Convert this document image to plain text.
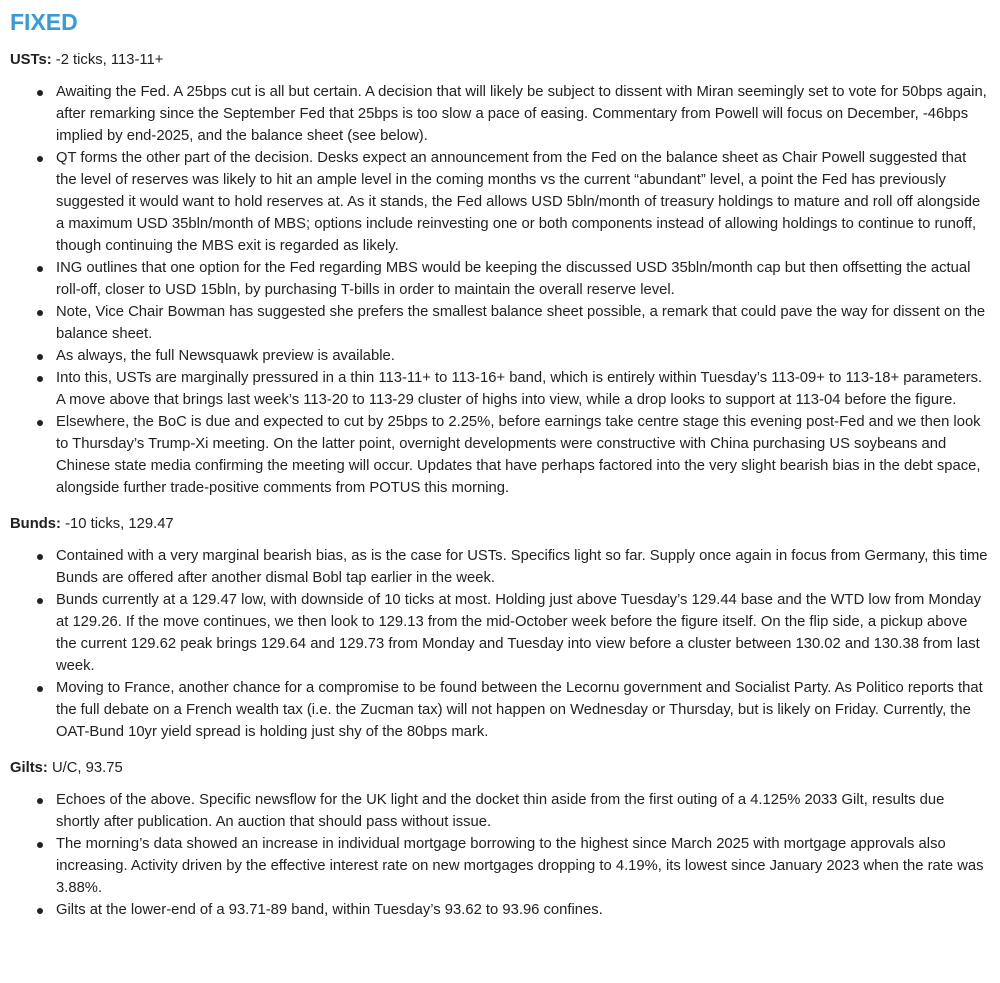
FIXED
USTs: -2 ticks, 113-11+
Awaiting the Fed. A 25bps cut is all but certain. A decision that will likely be subject to dissent with Miran seemingly set to vote for 50bps again, after remarking since the September Fed that 25bps is too slow a pace of easing. Commentary from Powell will focus on December, -46bps implied by end-2025, and the balance sheet (see below).
QT forms the other part of the decision. Desks expect an announcement from the Fed on the balance sheet as Chair Powell suggested that the level of reserves was likely to hit an ample level in the coming months vs the current “abundant” level, a point the Fed has previously suggested it would want to hold reserves at. As it stands, the Fed allows USD 5bln/month of treasury holdings to mature and roll off alongside a maximum USD 35bln/month of MBS; options include reinvesting one or both components instead of allowing holdings to continue to runoff, though continuing the MBS exit is regarded as likely.
ING outlines that one option for the Fed regarding MBS would be keeping the discussed USD 35bln/month cap but then offsetting the actual roll-off, closer to USD 15bln, by purchasing T-bills in order to maintain the overall reserve level.
Note, Vice Chair Bowman has suggested she prefers the smallest balance sheet possible, a remark that could pave the way for dissent on the balance sheet.
As always, the full Newsquawk preview is available.
Into this, USTs are marginally pressured in a thin 113-11+ to 113-16+ band, which is entirely within Tuesday’s 113-09+ to 113-18+ parameters. A move above that brings last week’s 113-20 to 113-29 cluster of highs into view, while a drop looks to support at 113-04 before the figure.
Elsewhere, the BoC is due and expected to cut by 25bps to 2.25%, before earnings take centre stage this evening post-Fed and we then look to Thursday’s Trump-Xi meeting. On the latter point, overnight developments were constructive with China purchasing US soybeans and Chinese state media confirming the meeting will occur. Updates that have perhaps factored into the very slight bearish bias in the debt space, alongside further trade-positive comments from POTUS this morning.
Bunds: -10 ticks, 129.47
Contained with a very marginal bearish bias, as is the case for USTs. Specifics light so far. Supply once again in focus from Germany, this time Bunds are offered after another dismal Bobl tap earlier in the week.
Bunds currently at a 129.47 low, with downside of 10 ticks at most. Holding just above Tuesday’s 129.44 base and the WTD low from Monday at 129.26. If the move continues, we then look to 129.13 from the mid-October week before the figure itself. On the flip side, a pickup above the current 129.62 peak brings 129.64 and 129.73 from Monday and Tuesday into view before a cluster between 130.02 and 130.38 from last week.
Moving to France, another chance for a compromise to be found between the Lecornu government and Socialist Party. As Politico reports that the full debate on a French wealth tax (i.e. the Zucman tax) will not happen on Wednesday or Thursday, but is likely on Friday. Currently, the OAT-Bund 10yr yield spread is holding just shy of the 80bps mark.
Gilts: U/C, 93.75
Echoes of the above. Specific newsflow for the UK light and the docket thin aside from the first outing of a 4.125% 2033 Gilt, results due shortly after publication. An auction that should pass without issue.
The morning’s data showed an increase in individual mortgage borrowing to the highest since March 2025 with mortgage approvals also increasing. Activity driven by the effective interest rate on new mortgages dropping to 4.19%, its lowest since January 2023 when the rate was 3.88%.
Gilts at the lower-end of a 93.71-89 band, within Tuesday’s 93.62 to 93.96 confines.
